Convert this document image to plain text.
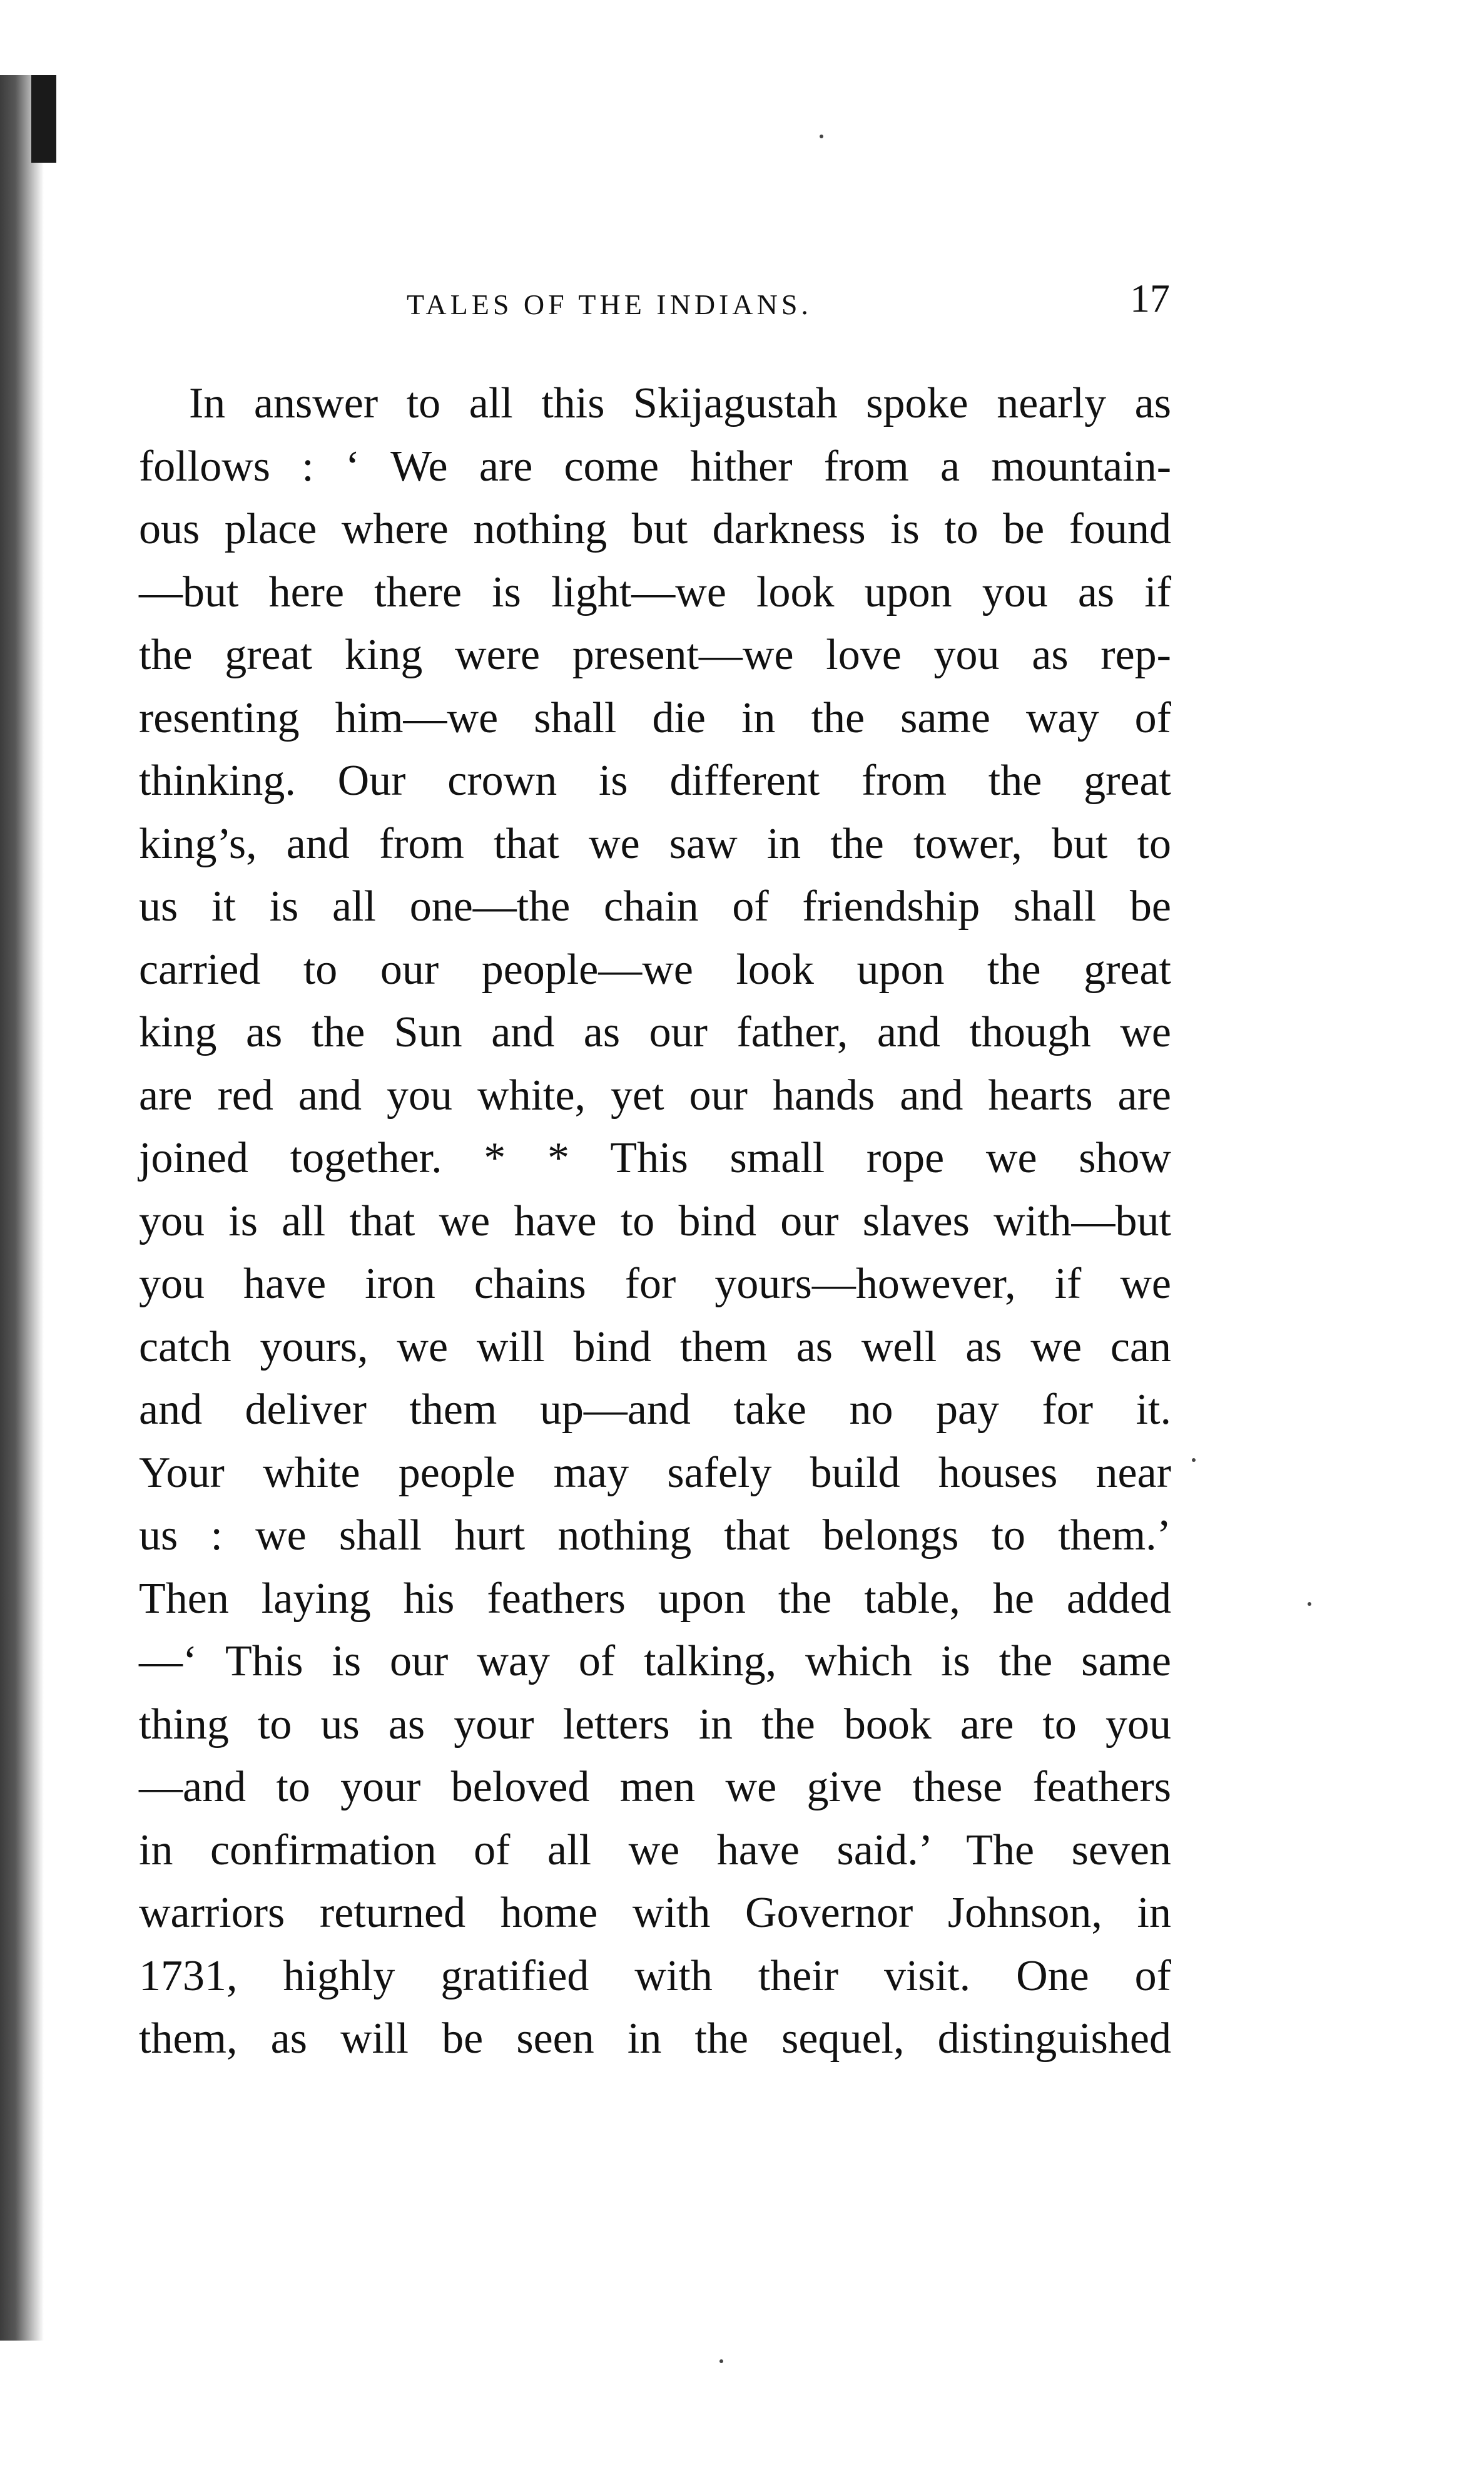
TALES OF THE INDIANS.	17
In answer to all this Skijagustah spoke nearly as
follows : ‘ We are come hither from a mountain-
ous place where nothing but darkness is to be found
—but here there is light—we look upon you as if
the great king were present—we love you as rep-
resenting him—we shall die in the same way of
thinking. Our crown is different from the great
king’s, and from that we saw in the tower, but to
us it is all one—the chain of friendship shall be
carried to our people—we look upon the great
king as the Sun and as our father, and though we
are red and you white, yet our hands and hearts are
joined together. * * This small rope we show
you is all that we have to bind our slaves with—but
you have iron chains for yours—however, if we
catch yours, we will bind them as well as we can
and deliver them up—and take no pay for it.
Your white people may safely build houses near
us : we shall hurt nothing that belongs to them.’
Then laying his feathers upon the table, he added
—‘ This is our way of talking, which is the same
thing to us as your letters in the book are to you
—and to your beloved men we give these feathers
in confirmation of all we have said.’ The seven
warriors returned home with Governor Johnson, in
1731, highly gratified with their visit. One of
them, as will be seen in the sequel, distinguished
